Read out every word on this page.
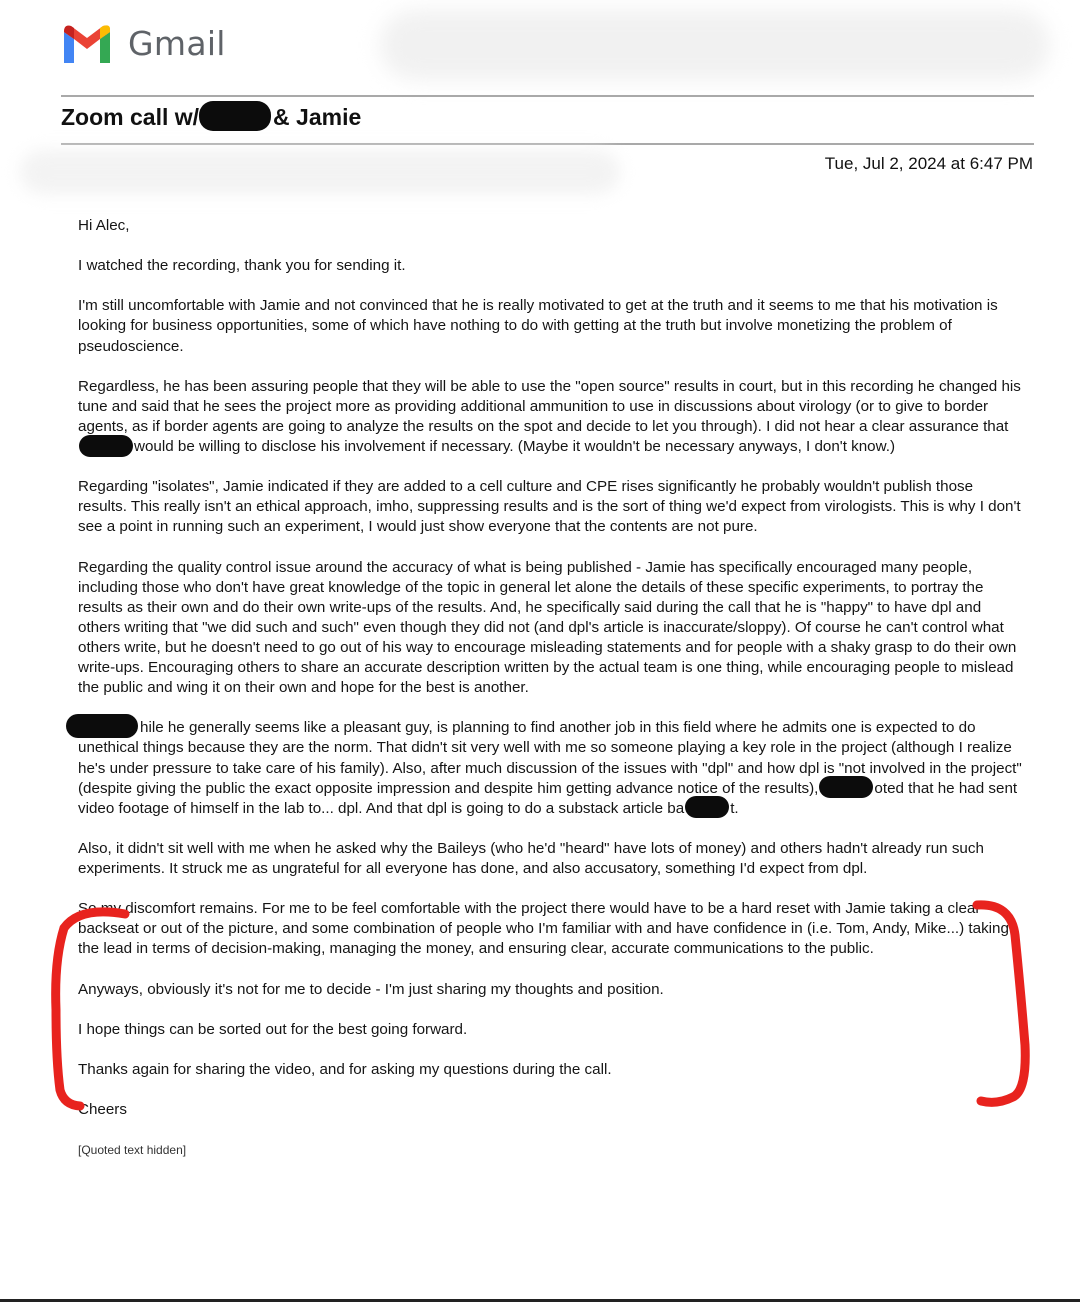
Gmail
Zoom call w/	& Jamie
Tue, Jul 2, 2024 at 6:47 PM

Hi Alec,

I watched the recording, thank you for sending it.

I'm still uncomfortable with Jamie and not convinced that he is really motivated to get at the truth and it seems to me that his motivation is looking for business opportunities, some of which have nothing to do with getting at the truth but involve monetizing the problem of pseudoscience.

Regardless, he has been assuring people that they will be able to use the "open source" results in court, but in this recording he changed his tune and said that he sees the project more as providing additional ammunition to use in discussions about virology (or to give to border agents, as if border agents are going to analyze the results on the spot and decide to let you through). I did not hear a clear assurance thatwould be willing to disclose his involvement if necessary. (Maybe it wouldn't be necessary anyways, I don't know.)

Regarding "isolates", Jamie indicated if they are added to a cell culture and CPE rises significantly he probably wouldn't publish those results. This really isn't an ethical approach, imho, suppressing results and is the sort of thing we'd expect from virologists. This is why I don't see a point in running such an experiment, I would just show everyone that the contents are not pure.

Regarding the quality control issue around the accuracy of what is being published - Jamie has specifically encouraged many people, including those who don't have great knowledge of the topic in general let alone the details of these specific experiments, to portray the results as their own and do their own write-ups of the results. And, he specifically said during the call that he is "happy" to have dpl and others writing that "we did such and such" even though they did not (and dpl's article is inaccurate/sloppy). Of course he can't control what others write, but he doesn't need to go out of his way to encourage misleading statements and for people with a shaky grasp to do their own write-ups. Encouraging others to share an accurate description written by the actual team is one thing, while encouraging people to mislead the public and wing it on their own and hope for the best is another.

hile he generally seems like a pleasant guy, is planning to find another job in this field where he admits one is expected to do unethical things because they are the norm. That didn't sit very well with me so someone playing a key role in the project (although I realize he's under pressure to take care of his family). Also, after much discussion of the issues with "dpl" and how dpl is "not involved in the project" (despite giving the public the exact opposite impression and despite him getting advance notice of the results),	oted that he had sent video footage of himself in the lab to... dpl. And that dpl is going to do a substack article ba	t.

Also, it didn't sit well with me when he asked why the Baileys (who he'd "heard" have lots of money) and others hadn't already run such experiments. It struck me as ungrateful for all everyone has done, and also accusatory, something I'd expect from dpl.

So my discomfort remains. For me to be feel comfortable with the project there would have to be a hard reset with Jamie taking a clear backseat or out of the picture, and some combination of people who I'm familiar with and have confidence in (i.e. Tom, Andy, Mike...) taking the lead in terms of decision-making, managing the money, and ensuring clear, accurate communications to the public.

Anyways, obviously it's not for me to decide - I'm just sharing my thoughts and position.

I hope things can be sorted out for the best going forward.

Thanks again for sharing the video, and for asking my questions during the call.

Cheers

[Quoted text hidden]
